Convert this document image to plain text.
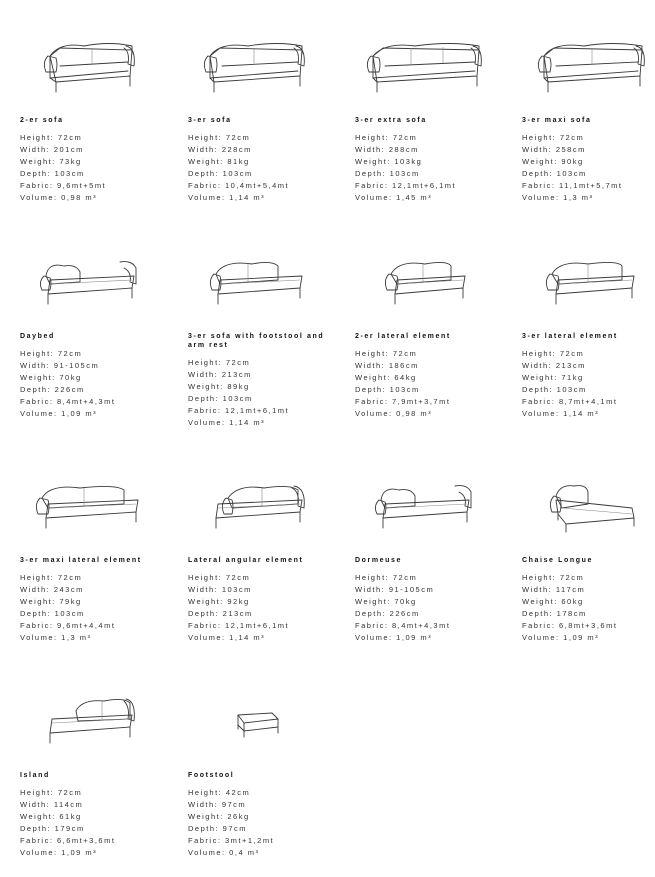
2-er sofa
Height: 72cm
Width: 201cm
Weight: 73kg
Depth: 103cm
Fabric: 9,6mt+5mt
Volume: 0,98 m³
3-er sofa
Height: 72cm
Width: 228cm
Weight: 81kg
Depth: 103cm
Fabric: 10,4mt+5,4mt
Volume: 1,14 m³
3-er extra sofa
Height: 72cm
Width: 288cm
Weight: 103kg
Depth: 103cm
Fabric: 12,1mt+6,1mt
Volume: 1,45 m³
3-er maxi sofa
Height: 72cm
Width: 258cm
Weight: 90kg
Depth: 103cm
Fabric: 11,1mt+5,7mt
Volume: 1,3 m³
Daybed
Height: 72cm
Width: 91-105cm
Weight: 70kg
Depth: 226cm
Fabric: 8,4mt+4,3mt
Volume: 1,09 m³
3-er sofa with footstool and arm rest
Height: 72cm
Width: 213cm
Weight: 89kg
Depth: 103cm
Fabric: 12,1mt+6,1mt
Volume: 1,14 m³
2-er lateral element
Height: 72cm
Width: 186cm
Weight: 64kg
Depth: 103cm
Fabric: 7,9mt+3,7mt
Volume: 0,98 m³
3-er lateral element
Height: 72cm
Width: 213cm
Weight: 71kg
Depth: 103cm
Fabric: 8,7mt+4,1mt
Volume: 1,14 m³
3-er maxi lateral element
Height: 72cm
Width: 243cm
Weight: 79kg
Depth: 103cm
Fabric: 9,6mt+4,4mt
Volume: 1,3 m³
Lateral angular element
Height: 72cm
Width: 103cm
Weight: 92kg
Depth: 213cm
Fabric: 12,1mt+6,1mt
Volume: 1,14 m³
Dormeuse
Height: 72cm
Width: 91-105cm
Weight: 70kg
Depth: 226cm
Fabric: 8,4mt+4,3mt
Volume: 1,09 m³
Chaise Longue
Height: 72cm
Width: 117cm
Weight: 60kg
Depth: 178cm
Fabric: 6,8mt+3,6mt
Volume: 1,09 m³
Island
Height: 72cm
Width: 114cm
Weight: 61kg
Depth: 179cm
Fabric: 6,6mt+3,6mt
Volume: 1,09 m³
Footstool
Height: 42cm
Width: 97cm
Weight: 26kg
Depth: 97cm
Fabric: 3mt+1,2mt
Volume: 0,4 m³
